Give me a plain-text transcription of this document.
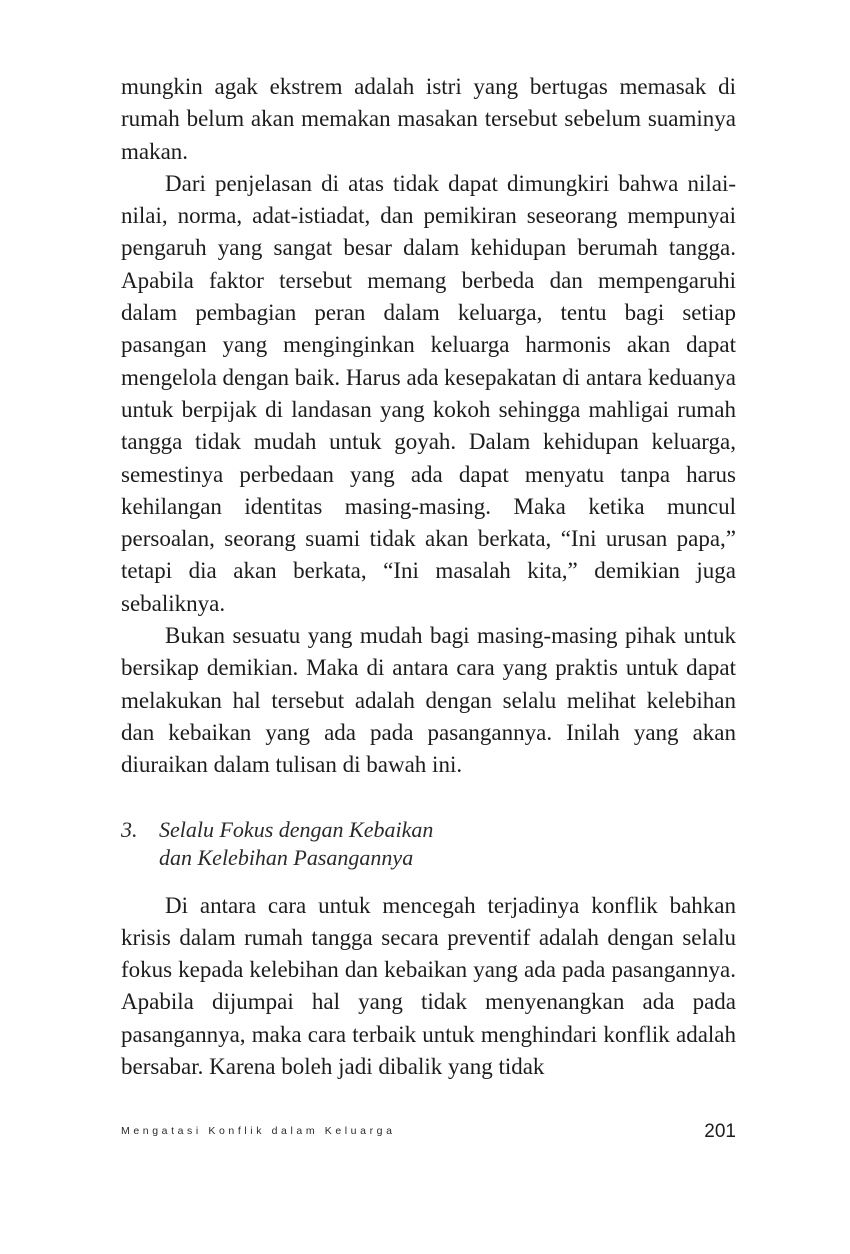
mungkin agak ekstrem adalah istri yang bertugas memasak di rumah belum akan memakan masakan tersebut sebelum suaminya makan.

Dari penjelasan di atas tidak dapat dimungkiri bahwa nilai-nilai, norma, adat-istiadat, dan pemikiran seseorang mempunyai pengaruh yang sangat besar dalam kehidupan berumah tangga. Apabila faktor tersebut memang berbeda dan mempengaruhi dalam pembagian peran dalam keluarga, tentu bagi setiap pasangan yang menginginkan keluarga harmonis akan dapat mengelola dengan baik. Harus ada kesepakatan di antara keduanya untuk berpijak di landasan yang kokoh sehingga mahligai rumah tangga tidak mudah untuk goyah. Dalam kehidupan keluarga, semestinya perbedaan yang ada dapat menyatu tanpa harus kehilangan identitas masing-masing. Maka ketika muncul persoalan, seorang suami tidak akan berkata, “Ini urusan papa,” tetapi dia akan berkata, “Ini masalah kita,” demikian juga sebaliknya.

Bukan sesuatu yang mudah bagi masing-masing pihak untuk bersikap demikian. Maka di antara cara yang praktis untuk dapat melakukan hal tersebut adalah dengan selalu melihat kelebihan dan kebaikan yang ada pada pasangannya. Inilah yang akan diuraikan dalam tulisan di bawah ini.

3. Selalu Fokus dengan Kebaikan
dan Kelebihan Pasangannya

Di antara cara untuk mencegah terjadinya konflik bahkan krisis dalam rumah tangga secara preventif adalah dengan selalu fokus kepada kelebihan dan kebaikan yang ada pada pasangannya. Apabila dijumpai hal yang tidak menyenangkan ada pada pasangannya, maka cara terbaik untuk menghindari konflik adalah bersabar. Karena boleh jadi dibalik yang tidak

Mengatasi Konflik dalam Keluarga	201
